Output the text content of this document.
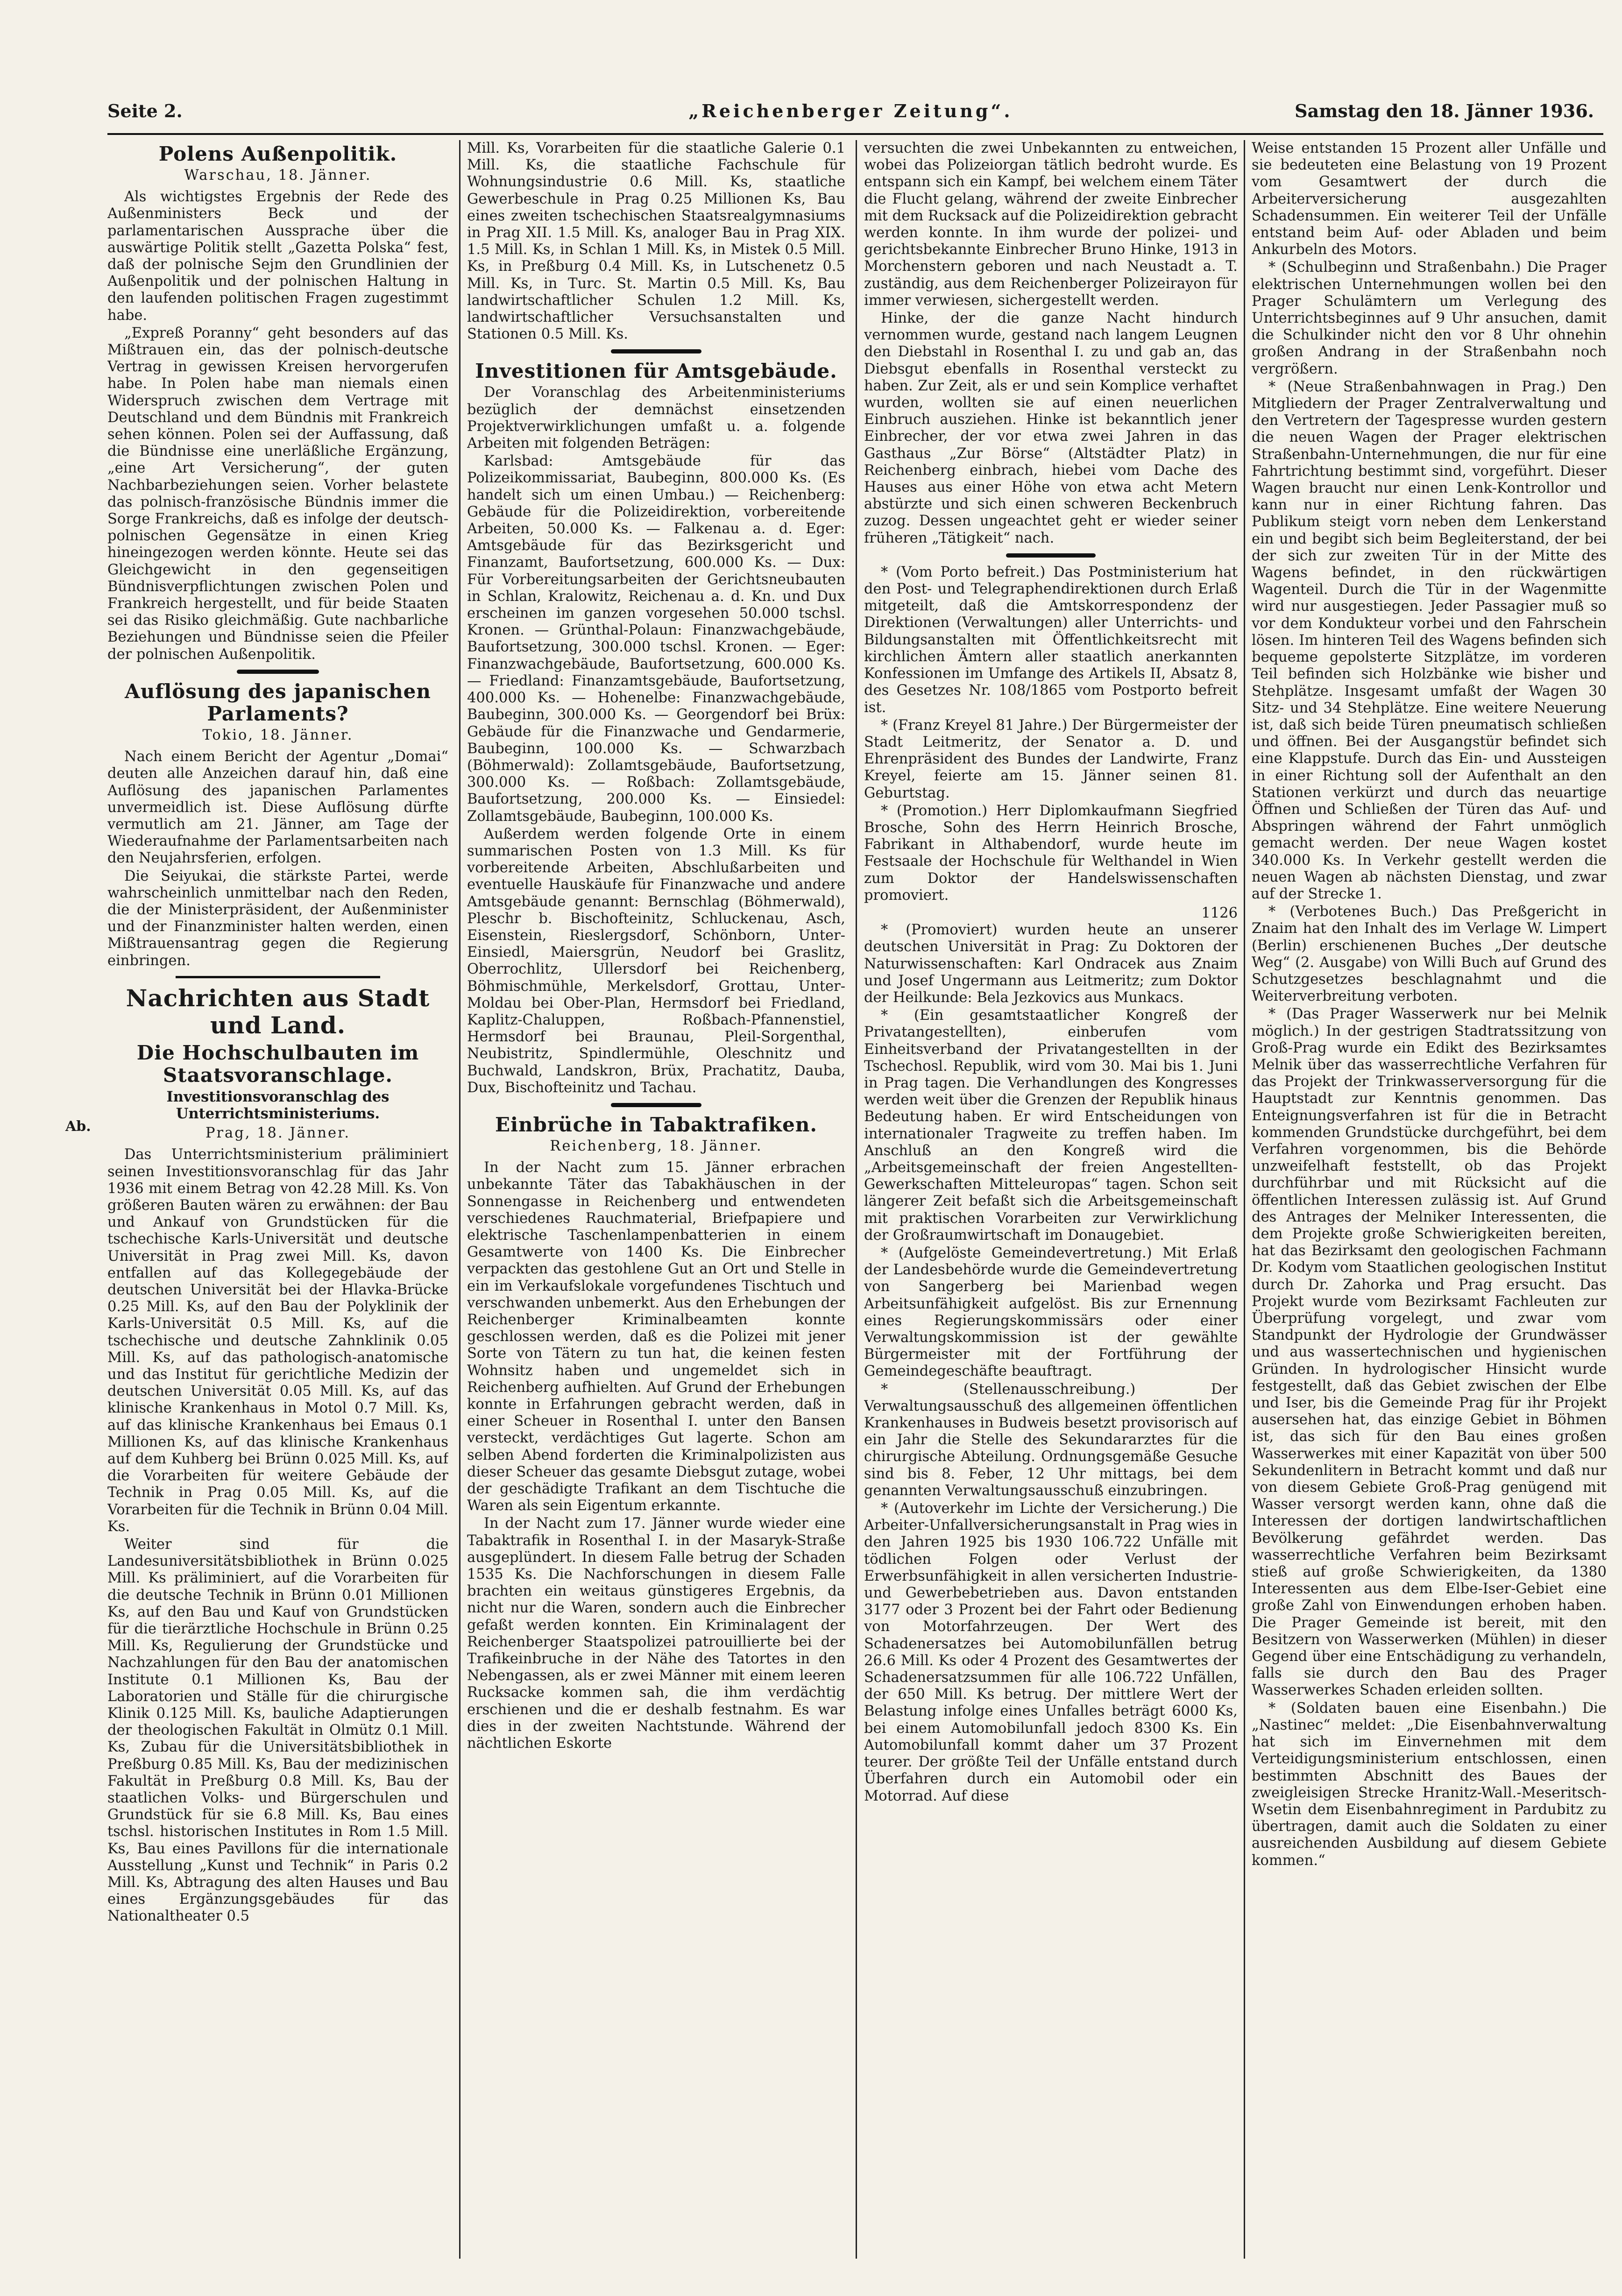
Seite 2.	„Reichenberger Zeitung“.	Samstag den 18. Jänner 1936.
Ab.
Polens Außenpolitik.
Warschau, 18. Jänner.

Als wichtigstes Ergebnis der Rede des Außenministers Beck und der parlamentarischen Aussprache über die auswärtige Politik stellt „Gazetta Polska“ fest, daß der polnische Sejm den Grundlinien der Außenpolitik und der polnischen Haltung in den laufenden politischen Fragen zugestimmt habe.

„Expreß Poranny“ geht besonders auf das Mißtrauen ein, das der polnisch-deutsche Vertrag in gewissen Kreisen hervorgerufen habe. In Polen habe man niemals einen Widerspruch zwischen dem Vertrage mit Deutschland und dem Bündnis mit Frankreich sehen können. Polen sei der Auffassung, daß die Bündnisse eine unerläßliche Ergänzung, „eine Art Versicherung“, der guten Nachbarbeziehungen seien. Vorher belastete das polnisch-französische Bündnis immer die Sorge Frankreichs, daß es infolge der deutsch-polnischen Gegensätze in einen Krieg hineingezogen werden könnte. Heute sei das Gleichgewicht in den gegenseitigen Bündnisverpflichtungen zwischen Polen und Frankreich hergestellt, und für beide Staaten sei das Risiko gleichmäßig. Gute nachbarliche Beziehungen und Bündnisse seien die Pfeiler der polnischen Außenpolitik.

Auflösung des japanischen Parlaments?
Tokio, 18. Jänner.

Nach einem Bericht der Agentur „Domai“ deuten alle Anzeichen darauf hin, daß eine Auflösung des japanischen Parlamentes unvermeidlich ist. Diese Auflösung dürfte vermutlich am 21. Jänner, am Tage der Wiederaufnahme der Parlamentsarbeiten nach den Neujahrsferien, erfolgen.

Die Seiyukai, die stärkste Partei, werde wahrscheinlich unmittelbar nach den Reden, die der Ministerpräsident, der Außenminister und der Finanzminister halten werden, einen Mißtrauensantrag gegen die Regierung einbringen.

Nachrichten aus Stadt und Land.
Die Hochschulbauten im Staatsvoranschlage.
Investitionsvoranschlag des Unterrichtsministeriums.
Prag, 18. Jänner.

Das Unterrichtsministerium präliminiert seinen Investitionsvoranschlag für das Jahr 1936 mit einem Betrag von 42.28 Mill. Ks. Von größeren Bauten wären zu erwähnen: der Bau und Ankauf von Grundstücken für die tschechische Karls-Universität und deutsche Universität in Prag zwei Mill. Ks, davon entfallen auf das Kollegegebäude der deutschen Universität bei der Hlavka-Brücke 0.25 Mill. Ks, auf den Bau der Polyklinik der Karls-Universität 0.5 Mill. Ks, auf die tschechische und deutsche Zahnklinik 0.05 Mill. Ks, auf das pathologisch-anatomische und das Institut für gerichtliche Medizin der deutschen Universität 0.05 Mill. Ks, auf das klinische Krankenhaus in Motol 0.7 Mill. Ks, auf das klinische Krankenhaus bei Emaus 0.1 Millionen Ks, auf das klinische Krankenhaus auf dem Kuhberg bei Brünn 0.025 Mill. Ks, auf die Vorarbeiten für weitere Gebäude der Technik in Prag 0.05 Mill. Ks, auf die Vorarbeiten für die Technik in Brünn 0.04 Mill. Ks.

Weiter sind für die Landesuniversitätsbibliothek in Brünn 0.025 Mill. Ks präliminiert, auf die Vorarbeiten für die deutsche Technik in Brünn 0.01 Millionen Ks, auf den Bau und Kauf von Grundstücken für die tierärztliche Hochschule in Brünn 0.25 Mill. Ks, Regulierung der Grundstücke und Nachzahlungen für den Bau der anatomischen Institute 0.1 Millionen Ks, Bau der Laboratorien und Ställe für die chirurgische Klinik 0.125 Mill. Ks, bauliche Adaptierungen der theologischen Fakultät in Olmütz 0.1 Mill. Ks, Zubau für die Universitätsbibliothek in Preßburg 0.85 Mill. Ks, Bau der medizinischen Fakultät in Preßburg 0.8 Mill. Ks, Bau der staatlichen Volks- und Bürgerschulen und Grundstück für sie 6.8 Mill. Ks, Bau eines tschsl. historischen Institutes in Rom 1.5 Mill. Ks, Bau eines Pavillons für die internationale Ausstellung „Kunst und Technik“ in Paris 0.2 Mill. Ks, Abtragung des alten Hauses und Bau eines Ergänzungsgebäudes für das Nationaltheater 0.5

Mill. Ks, Vorarbeiten für die staatliche Galerie 0.1 Mill. Ks, die staatliche Fachschule für Wohnungsindustrie 0.6 Mill. Ks, staatliche Gewerbeschule in Prag 0.25 Millionen Ks, Bau eines zweiten tschechischen Staatsrealgymnasiums in Prag XII. 1.5 Mill. Ks, analoger Bau in Prag XIX. 1.5 Mill. Ks, in Schlan 1 Mill. Ks, in Mistek 0.5 Mill. Ks, in Preßburg 0.4 Mill. Ks, in Lutschenetz 0.5 Mill. Ks, in Turc. St. Martin 0.5 Mill. Ks, Bau landwirtschaftlicher Schulen 1.2 Mill. Ks, landwirtschaftlicher Versuchsanstalten und Stationen 0.5 Mill. Ks.

Investitionen für Amtsgebäude.

Der Voranschlag des Arbeitenministeriums bezüglich der demnächst einsetzenden Projektverwirklichungen umfaßt u. a. folgende Arbeiten mit folgenden Beträgen:

Karlsbad: Amtsgebäude für das Polizeikommissariat, Baubeginn, 800.000 Ks. (Es handelt sich um einen Umbau.) — Reichenberg: Gebäude für die Polizeidirektion, vorbereitende Arbeiten, 50.000 Ks. — Falkenau a. d. Eger: Amtsgebäude für das Bezirksgericht und Finanzamt, Baufortsetzung, 600.000 Ks. — Dux: Für Vorbereitungsarbeiten der Gerichtsneubauten in Schlan, Kralowitz, Reichenau a. d. Kn. und Dux erscheinen im ganzen vorgesehen 50.000 tschsl. Kronen. — Grünthal-Polaun: Finanzwachgebäude, Baufortsetzung, 300.000 tschsl. Kronen. — Eger: Finanzwachgebäude, Baufortsetzung, 600.000 Ks. — Friedland: Finanzamtsgebäude, Baufortsetzung, 400.000 Ks. — Hohenelbe: Finanzwachgebäude, Baubeginn, 300.000 Ks. — Georgendorf bei Brüx: Gebäude für die Finanzwache und Gendarmerie, Baubeginn, 100.000 Ks. — Schwarzbach (Böhmerwald): Zollamtsgebäude, Baufortsetzung, 300.000 Ks. — Roßbach: Zollamtsgebäude, Baufortsetzung, 200.000 Ks. — Einsiedel: Zollamtsgebäude, Baubeginn, 100.000 Ks.

Außerdem werden folgende Orte in einem summarischen Posten von 1.3 Mill. Ks für vorbereitende Arbeiten, Abschlußarbeiten und eventuelle Hauskäufe für Finanzwache und andere Amtsgebäude genannt: Bernschlag (Böhmerwald), Pleschr b. Bischofteinitz, Schluckenau, Asch, Eisenstein, Rieslergsdorf, Schönborn, Unter-Einsiedl, Maiersgrün, Neudorf bei Graslitz, Oberrochlitz, Ullersdorf bei Reichenberg, Böhmischmühle, Merkelsdorf, Grottau, Unter-Moldau bei Ober-Plan, Hermsdorf bei Friedland, Kaplitz-Chaluppen, Roßbach-Pfannenstiel, Hermsdorf bei Braunau, Pleil-Sorgenthal, Neubistritz, Spindlermühle, Oleschnitz und Buchwald, Landskron, Brüx, Prachatitz, Dauba, Dux, Bischofteinitz und Tachau.

Einbrüche in Tabaktrafiken.
Reichenberg, 18. Jänner.

In der Nacht zum 15. Jänner erbrachen unbekannte Täter das Tabakhäuschen in der Sonnengasse in Reichenberg und entwendeten verschiedenes Rauchmaterial, Briefpapiere und elektrische Taschenlampenbatterien in einem Gesamtwerte von 1400 Ks. Die Einbrecher verpackten das gestohlene Gut an Ort und Stelle in ein im Verkaufslokale vorgefundenes Tischtuch und verschwanden unbemerkt. Aus den Erhebungen der Reichenberger Kriminalbeamten konnte geschlossen werden, daß es die Polizei mit jener Sorte von Tätern zu tun hat, die keinen festen Wohnsitz haben und ungemeldet sich in Reichenberg aufhielten. Auf Grund der Erhebungen konnte in Erfahrungen gebracht werden, daß in einer Scheuer in Rosenthal I. unter den Bansen versteckt, verdächtiges Gut lagerte. Schon am selben Abend forderten die Kriminalpolizisten aus dieser Scheuer das gesamte Diebsgut zutage, wobei der geschädigte Trafikant an dem Tischtuche die Waren als sein Eigentum erkannte.

In der Nacht zum 17. Jänner wurde wieder eine Tabaktrafik in Rosenthal I. in der Masaryk-Straße ausgeplündert. In diesem Falle betrug der Schaden 1535 Ks. Die Nachforschungen in diesem Falle brachten ein weitaus günstigeres Ergebnis, da nicht nur die Waren, sondern auch die Einbrecher gefaßt werden konnten. Ein Kriminalagent der Reichenberger Staatspolizei patrouillierte bei der Trafikeinbruche in der Nähe des Tatortes in den Nebengassen, als er zwei Männer mit einem leeren Rucksacke kommen sah, die ihm verdächtig erschienen und die er deshalb festnahm. Es war dies in der zweiten Nachtstunde. Während der nächtlichen Eskorte

versuchten die zwei Unbekannten zu entweichen, wobei das Polizeiorgan tätlich bedroht wurde. Es entspann sich ein Kampf, bei welchem einem Täter die Flucht gelang, während der zweite Einbrecher mit dem Rucksack auf die Polizeidirektion gebracht werden konnte. In ihm wurde der polizei- und gerichtsbekannte Einbrecher Bruno Hinke, 1913 in Morchenstern geboren und nach Neustadt a. T. zuständig, aus dem Reichenberger Polizeirayon für immer verwiesen, sichergestellt werden.

Hinke, der die ganze Nacht hindurch vernommen wurde, gestand nach langem Leugnen den Diebstahl in Rosenthal I. zu und gab an, das Diebsgut ebenfalls in Rosenthal versteckt zu haben. Zur Zeit, als er und sein Komplice verhaftet wurden, wollten sie auf einen neuerlichen Einbruch ausziehen. Hinke ist bekanntlich jener Einbrecher, der vor etwa zwei Jahren in das Gasthaus „Zur Börse“ (Altstädter Platz) in Reichenberg einbrach, hiebei vom Dache des Hauses aus einer Höhe von etwa acht Metern abstürzte und sich einen schweren Beckenbruch zuzog. Dessen ungeachtet geht er wieder seiner früheren „Tätigkeit“ nach.

* (Vom Porto befreit.) Das Postministerium hat den Post- und Telegraphendirektionen durch Erlaß mitgeteilt, daß die Amtskorrespondenz der Direktionen (Verwaltungen) aller Unterrichts- und Bildungsanstalten mit Öffentlichkeitsrecht mit kirchlichen Ämtern aller staatlich anerkannten Konfessionen im Umfange des Artikels II, Absatz 8, des Gesetzes Nr. 108/1865 vom Postporto befreit ist.

* (Franz Kreyel 81 Jahre.) Der Bürgermeister der Stadt Leitmeritz, der Senator a. D. und Ehrenpräsident des Bundes der Landwirte, Franz Kreyel, feierte am 15. Jänner seinen 81. Geburtstag.

* (Promotion.) Herr Diplomkaufmann Siegfried Brosche, Sohn des Herrn Heinrich Brosche, Fabrikant in Althabendorf, wurde heute im Festsaale der Hochschule für Welthandel in Wien zum Doktor der Handelswissenschaften promoviert.

1126

* (Promoviert) wurden heute an unserer deutschen Universität in Prag: Zu Doktoren der Naturwissenschaften: Karl Ondracek aus Znaim und Josef Ungermann aus Leitmeritz; zum Doktor der Heilkunde: Bela Jezkovics aus Munkacs.

* (Ein gesamtstaatlicher Kongreß der Privatangestellten), einberufen vom Einheitsverband der Privatangestellten in der Tschechosl. Republik, wird vom 30. Mai bis 1. Juni in Prag tagen. Die Verhandlungen des Kongresses werden weit über die Grenzen der Republik hinaus Bedeutung haben. Er wird Entscheidungen von internationaler Tragweite zu treffen haben. Im Anschluß an den Kongreß wird die „Arbeitsgemeinschaft der freien Angestellten-Gewerkschaften Mitteleuropas“ tagen. Schon seit längerer Zeit befaßt sich die Arbeitsgemeinschaft mit praktischen Vorarbeiten zur Verwirklichung der Großraumwirtschaft im Donaugebiet.

* (Aufgelöste Gemeindevertretung.) Mit Erlaß der Landesbehörde wurde die Gemeindevertretung von Sangerberg bei Marienbad wegen Arbeitsunfähigkeit aufgelöst. Bis zur Ernennung eines Regierungskommissärs oder einer Verwaltungskommission ist der gewählte Bürgermeister mit der Fortführung der Gemeindegeschäfte beauftragt.

* (Stellenausschreibung.) Der Verwaltungsausschuß des allgemeinen öffentlichen Krankenhauses in Budweis besetzt provisorisch auf ein Jahr die Stelle des Sekundararztes für die chirurgische Abteilung. Ordnungsgemäße Gesuche sind bis 8. Feber, 12 Uhr mittags, bei dem genannten Verwaltungsausschuß einzubringen.

* (Autoverkehr im Lichte der Versicherung.) Die Arbeiter-Unfallversicherungsanstalt in Prag wies in den Jahren 1925 bis 1930 106.722 Unfälle mit tödlichen Folgen oder Verlust der Erwerbsunfähigkeit in allen versicherten Industrie- und Gewerbebetrieben aus. Davon entstanden 3177 oder 3 Prozent bei der Fahrt oder Bedienung von Motorfahrzeugen. Der Wert des Schadenersatzes bei Automobilunfällen betrug 26.6 Mill. Ks oder 4 Prozent des Gesamtwertes der Schadenersatzsummen für alle 106.722 Unfällen, der 650 Mill. Ks betrug. Der mittlere Wert der Belastung infolge eines Unfalles beträgt 6000 Ks, bei einem Automobilunfall jedoch 8300 Ks. Ein Automobilunfall kommt daher um 37 Prozent teurer. Der größte Teil der Unfälle entstand durch Überfahren durch ein Automobil oder ein Motorrad. Auf diese

Weise entstanden 15 Prozent aller Unfälle und sie bedeuteten eine Belastung von 19 Prozent vom Gesamtwert der durch die Arbeiterversicherung ausgezahlten Schadensummen. Ein weiterer Teil der Unfälle entstand beim Auf- oder Abladen und beim Ankurbeln des Motors.

* (Schulbeginn und Straßenbahn.) Die Prager elektrischen Unternehmungen wollen bei den Prager Schulämtern um Verlegung des Unterrichtsbeginnes auf 9 Uhr ansuchen, damit die Schulkinder nicht den vor 8 Uhr ohnehin großen Andrang in der Straßenbahn noch vergrößern.

* (Neue Straßenbahnwagen in Prag.) Den Mitgliedern der Prager Zentralverwaltung und den Vertretern der Tagespresse wurden gestern die neuen Wagen der Prager elektrischen Straßenbahn-Unternehmungen, die nur für eine Fahrtrichtung bestimmt sind, vorgeführt. Dieser Wagen braucht nur einen Lenk-Kontrollor und kann nur in einer Richtung fahren. Das Publikum steigt vorn neben dem Lenkerstand ein und begibt sich beim Begleiterstand, der bei der sich zur zweiten Tür in der Mitte des Wagens befindet, in den rückwärtigen Wagenteil. Durch die Tür in der Wagenmitte wird nur ausgestiegen. Jeder Passagier muß so vor dem Kondukteur vorbei und den Fahrschein lösen. Im hinteren Teil des Wagens befinden sich bequeme gepolsterte Sitzplätze, im vorderen Teil befinden sich Holzbänke wie bisher und Stehplätze. Insgesamt umfaßt der Wagen 30 Sitz- und 34 Stehplätze. Eine weitere Neuerung ist, daß sich beide Türen pneumatisch schließen und öffnen. Bei der Ausgangstür befindet sich eine Klappstufe. Durch das Ein- und Aussteigen in einer Richtung soll der Aufenthalt an den Stationen verkürzt und durch das neuartige Öffnen und Schließen der Türen das Auf- und Abspringen während der Fahrt unmöglich gemacht werden. Der neue Wagen kostet 340.000 Ks. In Verkehr gestellt werden die neuen Wagen ab nächsten Dienstag, und zwar auf der Strecke 1.

* (Verbotenes Buch.) Das Preßgericht in Znaim hat den Inhalt des im Verlage W. Limpert (Berlin) erschienenen Buches „Der deutsche Weg“ (2. Ausgabe) von Willi Buch auf Grund des Schutzgesetzes beschlagnahmt und die Weiterverbreitung verboten.

* (Das Prager Wasserwerk nur bei Melnik möglich.) In der gestrigen Stadtratssitzung von Groß-Prag wurde ein Edikt des Bezirksamtes Melnik über das wasserrechtliche Verfahren für das Projekt der Trinkwasserversorgung für die Hauptstadt zur Kenntnis genommen. Das Enteignungsverfahren ist für die in Betracht kommenden Grundstücke durchgeführt, bei dem Verfahren vorgenommen, bis die Behörde unzweifelhaft feststellt, ob das Projekt durchführbar und mit Rücksicht auf die öffentlichen Interessen zulässig ist. Auf Grund des Antrages der Melniker Interessenten, die dem Projekte große Schwierigkeiten bereiten, hat das Bezirksamt den geologischen Fachmann Dr. Kodym vom Staatlichen geologischen Institut durch Dr. Zahorka und Prag ersucht. Das Projekt wurde vom Bezirksamt Fachleuten zur Überprüfung vorgelegt, und zwar vom Standpunkt der Hydrologie der Grundwässer und aus wassertechnischen und hygienischen Gründen. In hydrologischer Hinsicht wurde festgestellt, daß das Gebiet zwischen der Elbe und Iser, bis die Gemeinde Prag für ihr Projekt ausersehen hat, das einzige Gebiet in Böhmen ist, das sich für den Bau eines großen Wasserwerkes mit einer Kapazität von über 500 Sekundenlitern in Betracht kommt und daß nur von diesem Gebiete Groß-Prag genügend mit Wasser versorgt werden kann, ohne daß die Interessen der dortigen landwirtschaftlichen Bevölkerung gefährdet werden. Das wasserrechtliche Verfahren beim Bezirksamt stieß auf große Schwierigkeiten, da 1380 Interessenten aus dem Elbe-Iser-Gebiet eine große Zahl von Einwendungen erhoben haben. Die Prager Gemeinde ist bereit, mit den Besitzern von Wasserwerken (Mühlen) in dieser Gegend über eine Entschädigung zu verhandeln, falls sie durch den Bau des Prager Wasserwerkes Schaden erleiden sollten.

* (Soldaten bauen eine Eisenbahn.) Die „Nastinec“ meldet: „Die Eisenbahnverwaltung hat sich im Einvernehmen mit dem Verteidigungsministerium entschlossen, einen bestimmten Abschnitt des Baues der zweigleisigen Strecke Hranitz-Wall.-Meseritsch-Wsetin dem Eisenbahnregiment in Pardubitz zu übertragen, damit auch die Soldaten zu einer ausreichenden Ausbildung auf diesem Gebiete kommen.“
